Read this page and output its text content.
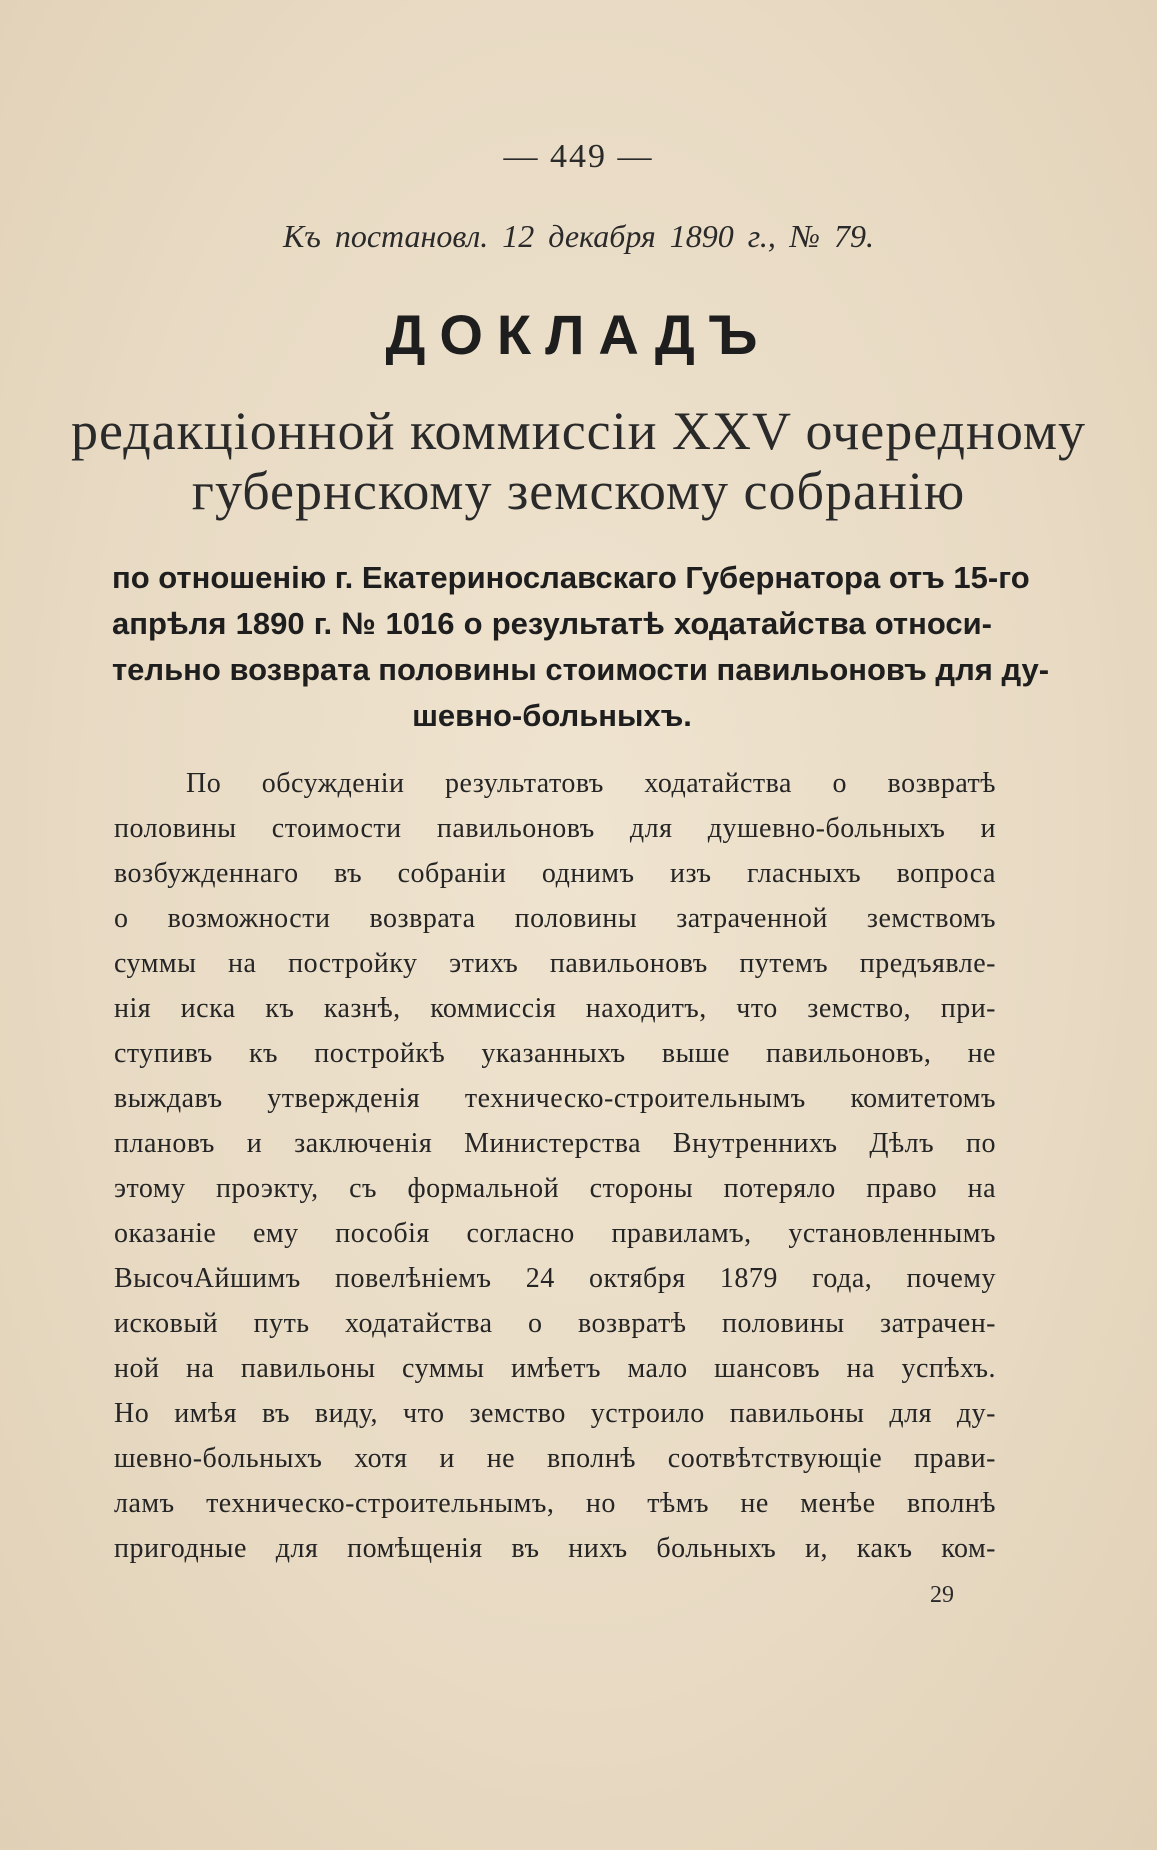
— 449 —
Къ постановл. 12 декабря 1890 г., № 79.
ДОКЛАДЪ
редакціонной коммиссіи XXV очередному
губернскому земскому собранію
по отношенію г. Екатеринославскаго Губернатора отъ 15-го
апрѣля 1890 г. № 1016 о результатѣ ходатайства относи-
тельно возврата половины стоимости павильоновъ для ду-
шевно-больныхъ.
По обсужденіи результатовъ ходатайства о возвратѣ
половины стоимости павильоновъ для душевно-больныхъ и
возбужденнаго въ собраніи однимъ изъ гласныхъ вопроса
о возможности возврата половины затраченной земствомъ
суммы на постройку этихъ павильоновъ путемъ предъявле-
нія иска къ казнѣ, коммиссія находитъ, что земство, при-
ступивъ къ постройкѣ указанныхъ выше павильоновъ, не
выждавъ утвержденія техническо-строительнымъ комитетомъ
плановъ и заключенія Министерства Внутреннихъ Дѣлъ по
этому проэкту, съ формальной стороны потеряло право на
оказаніе ему пособія согласно правиламъ, установленнымъ
ВысочАйшимъ повелѣніемъ 24 октября 1879 года, почему
исковый путь ходатайства о возвратѣ половины затрачен-
ной на павильоны суммы имѣетъ мало шансовъ на успѣхъ.
Но имѣя въ виду, что земство устроило павильоны для ду-
шевно-больныхъ хотя и не вполнѣ соотвѣтствующіе прави-
ламъ техническо-строительнымъ, но тѣмъ не менѣе вполнѣ
пригодные для помѣщенія въ нихъ больныхъ и, какъ ком-
29
